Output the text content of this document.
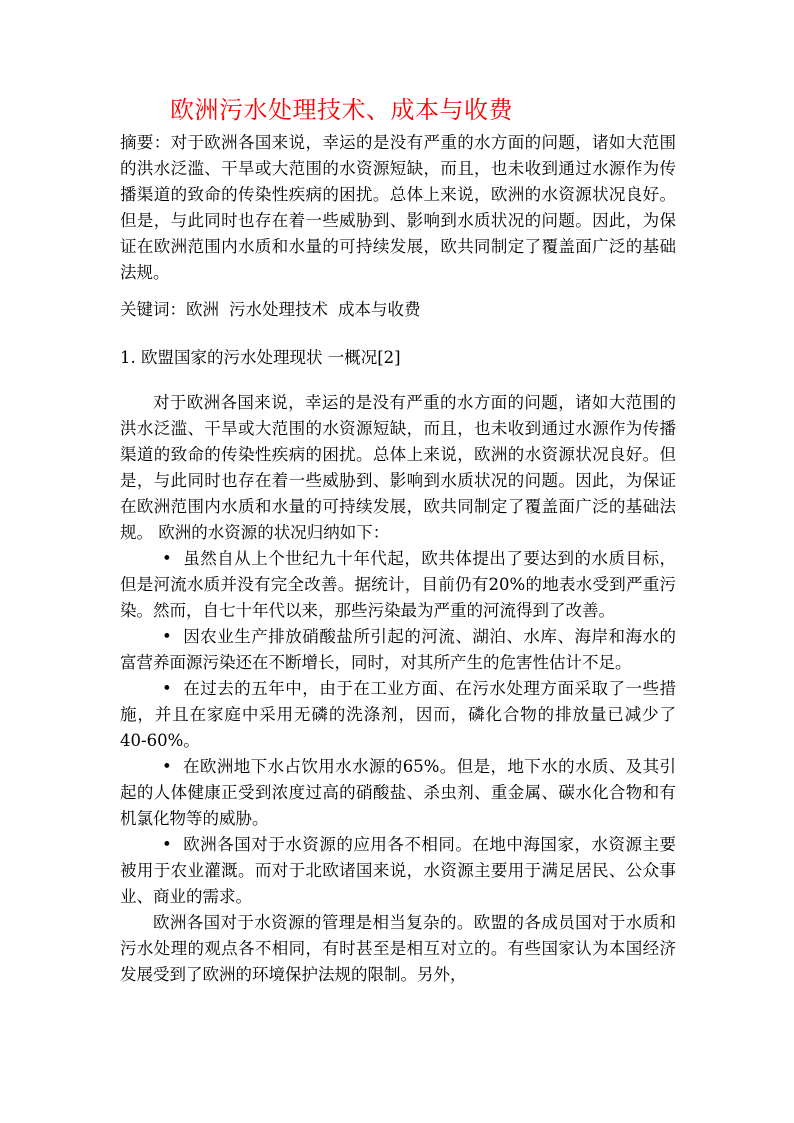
欧洲污水处理技术、成本与收费
摘要：对于欧洲各国来说，幸运的是没有严重的水方面的问题，诸如大范围的洪水泛滥、干旱或大范围的水资源短缺，而且，也未收到通过水源作为传播渠道的致命的传染性疾病的困扰。总体上来说，欧洲的水资源状况良好。但是，与此同时也存在着一些威胁到、影响到水质状况的问题。因此，为保证在欧洲范围内水质和水量的可持续发展，欧共同制定了覆盖面广泛的基础法规。
关键词：欧洲 污水处理技术 成本与收费
1. 欧盟国家的污水处理现状 一概况[2]

对于欧洲各国来说，幸运的是没有严重的水方面的问题，诸如大范围的洪水泛滥、干旱或大范围的水资源短缺，而且，也未收到通过水源作为传播渠道的致命的传染性疾病的困扰。总体上来说，欧洲的水资源状况良好。但是，与此同时也存在着一些威胁到、影响到水质状况的问题。因此，为保证在欧洲范围内水质和水量的可持续发展，欧共同制定了覆盖面广泛的基础法规。 欧洲的水资源的状况归纳如下：

• 虽然自从上个世纪九十年代起，欧共体提出了要达到的水质目标，但是河流水质并没有完全改善。据统计，目前仍有20%的地表水受到严重污染。然而，自七十年代以来，那些污染最为严重的河流得到了改善。
• 因农业生产排放硝酸盐所引起的河流、湖泊、水库、海岸和海水的富营养面源污染还在不断增长，同时，对其所产生的危害性估计不足。
• 在过去的五年中，由于在工业方面、在污水处理方面采取了一些措施，并且在家庭中采用无磷的洗涤剂，因而，磷化合物的排放量已减少了 40-60%。
• 在欧洲地下水占饮用水水源的65%。但是，地下水的水质、及其引起的人体健康正受到浓度过高的硝酸盐、杀虫剂、重金属、碳水化合物和有机氯化物等的威胁。
• 欧洲各国对于水资源的应用各不相同。在地中海国家，水资源主要被用于农业灌溉。而对于北欧诸国来说，水资源主要用于满足居民、公众事业、商业的需求。

欧洲各国对于水资源的管理是相当复杂的。欧盟的各成员国对于水质和污水处理的观点各不相同，有时甚至是相互对立的。有些国家认为本国经济发展受到了欧洲的环境保护法规的限制。另外，
